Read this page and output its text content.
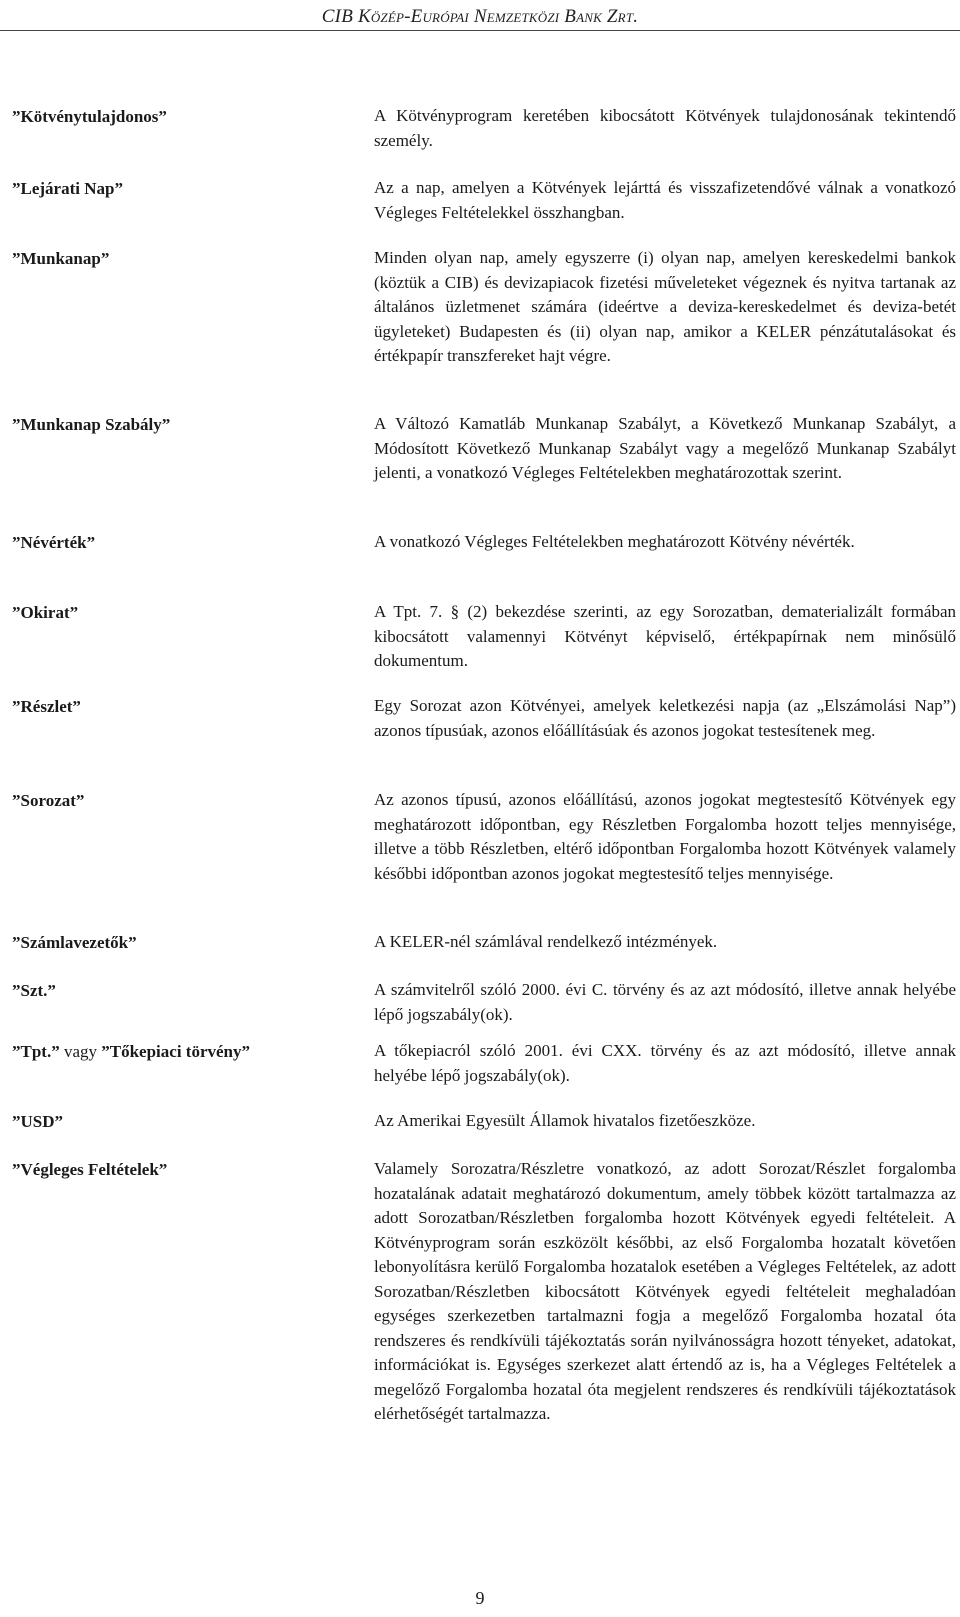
CIB Közép-Európai Nemzetközi Bank Zrt.
”Kötvénytulajdonos”	A Kötvényprogram keretében kibocsátott Kötvények tulajdonosának tekintendő személy.
”Lejárati Nap”	Az a nap, amelyen a Kötvények lejárttá és visszafizetendővé válnak a vonatkozó Végleges Feltételekkel összhangban.
”Munkanap”	Minden olyan nap, amely egyszerre (i) olyan nap, amelyen kereskedelmi bankok (köztük a CIB) és devizapiacok fizetési műveleteket végeznek és nyitva tartanak az általános üzletmenet számára (ideértve a deviza-kereskedelmet és deviza-betét ügyleteket) Budapesten és (ii) olyan nap, amikor a KELER pénzátutalásokat és értékpapír transzfereket hajt végre.
”Munkanap Szabály”	A Változó Kamatláb Munkanap Szabályt, a Következő Munkanap Szabályt, a Módosított Következő Munkanap Szabályt vagy a megelőző Munkanap Szabályt jelenti, a vonatkozó Végleges Feltételekben meghatározottak szerint.
”Névérték”	A vonatkozó Végleges Feltételekben meghatározott Kötvény névérték.
”Okirat”	A Tpt. 7. § (2) bekezdése szerinti, az egy Sorozatban, dematerializált formában kibocsátott valamennyi Kötvényt képviselő, értékpapírnak nem minősülő dokumentum.
”Részlet”	Egy Sorozat azon Kötvényei, amelyek keletkezési napja (az „Elszámolási Nap”) azonos típusúak, azonos előállításúak és azonos jogokat testesítenek meg.
”Sorozat”	Az azonos típusú, azonos előállítású, azonos jogokat megtestesítő Kötvények egy meghatározott időpontban, egy Részletben Forgalomba hozott teljes mennyisége, illetve a több Részletben, eltérő időpontban Forgalomba hozott Kötvények valamely későbbi időpontban azonos jogokat megtestesítő teljes mennyisége.
”Számlavezetők”	A KELER-nél számlával rendelkező intézmények.
”Szt.”	A számvitelről szóló 2000. évi C. törvény és az azt módosító, illetve annak helyébe lépő jogszabály(ok).
”Tpt.” vagy ”Tőkepiaci törvény”	A tőkepiacról szóló 2001. évi CXX. törvény és az azt módosító, illetve annak helyébe lépő jogszabály(ok).
”USD”	Az Amerikai Egyesült Államok hivatalos fizetőeszköze.
”Végleges Feltételek”	Valamely Sorozatra/Részletre vonatkozó, az adott Sorozat/Részlet forgalomba hozatalának adatait meghatározó dokumentum, amely többek között tartalmazza az adott Sorozatban/Részletben forgalomba hozott Kötvények egyedi feltételeit. A Kötvényprogram során eszközölt későbbi, az első Forgalomba hozatalt követően lebonyolításra kerülő Forgalomba hozatalok esetében a Végleges Feltételek, az adott Sorozatban/Részletben kibocsátott Kötvények egyedi feltételeit meghaladóan egységes szerkezetben tartalmazni fogja a megelőző Forgalomba hozatal óta rendszeres és rendkívüli tájékoztatás során nyilvánosságra hozott tényeket, adatokat, információkat is. Egységes szerkezet alatt értendő az is, ha a Végleges Feltételek a megelőző Forgalomba hozatal óta megjelent rendszeres és rendkívüli tájékoztatások elérhetőségét tartalmazza.
9
